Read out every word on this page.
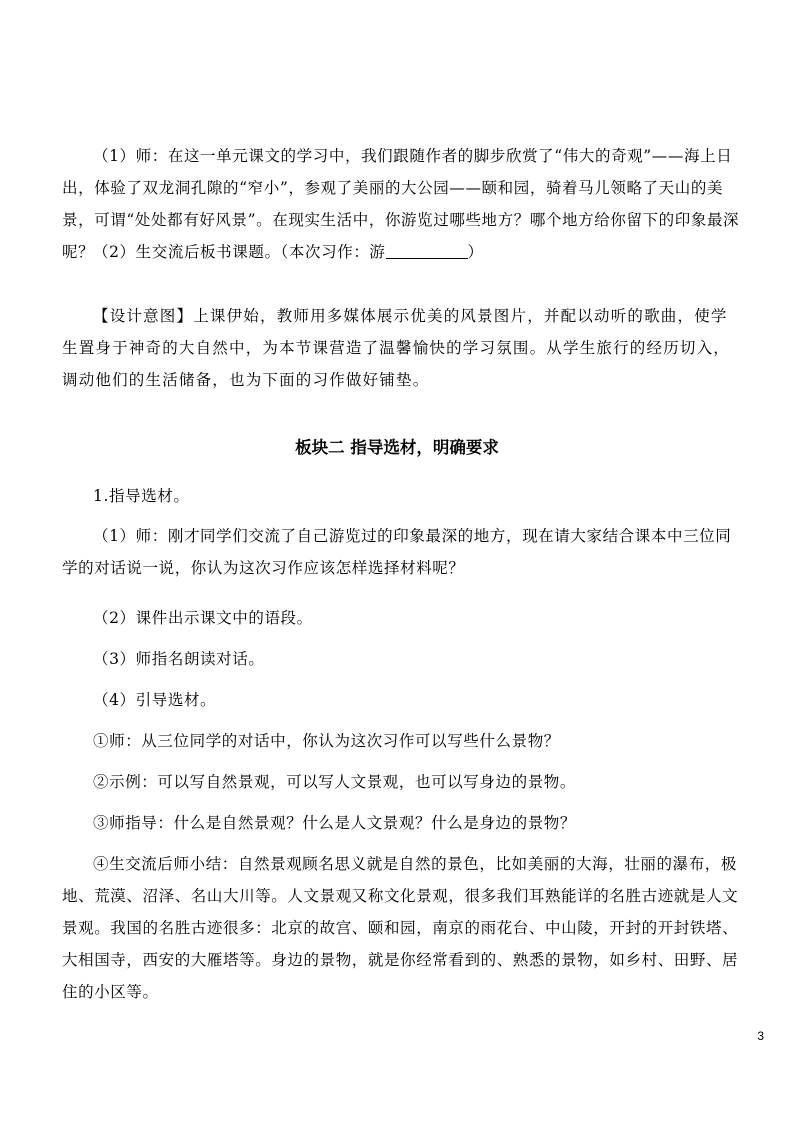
（1）师：在这一单元课文的学习中，我们跟随作者的脚步欣赏了“伟大的奇观”——海上日出，体验了双龙洞孔隙的“窄小”，参观了美丽的大公园——颐和园，骑着马儿领略了天山的美景，可谓“处处都有好风景”。在现实生活中，你游览过哪些地方？哪个地方给你留下的印象最深呢？

（2）生交流后板书课题。（本次习作：游	）

【设计意图】上课伊始，教师用多媒体展示优美的风景图片，并配以动听的歌曲，使学生置身于神奇的大自然中，为本节课营造了温馨愉快的学习氛围。从学生旅行的经历切入，调动他们的生活储备，也为下面的习作做好铺垫。

板块二 指导选材，明确要求

1.指导选材。

（1）师：刚才同学们交流了自己游览过的印象最深的地方，现在请大家结合课本中三位同学的对话说一说，你认为这次习作应该怎样选择材料呢？

（2）课件出示课文中的语段。

（3）师指名朗读对话。

（4）引导选材。

①师：从三位同学的对话中，你认为这次习作可以写些什么景物？

②示例：可以写自然景观，可以写人文景观，也可以写身边的景物。

③师指导：什么是自然景观？什么是人文景观？什么是身边的景物？

④生交流后师小结：自然景观顾名思义就是自然的景色，比如美丽的大海，壮丽的瀑布，极地、荒漠、沼泽、名山大川等。人文景观又称文化景观，很多我们耳熟能详的名胜古迹就是人文景观。我国的名胜古迹很多：北京的故宫、颐和园，南京的雨花台、中山陵，开封的开封铁塔、大相国寺，西安的大雁塔等。身边的景物，就是你经常看到的、熟悉的景物，如乡村、田野、居住的小区等。

3
